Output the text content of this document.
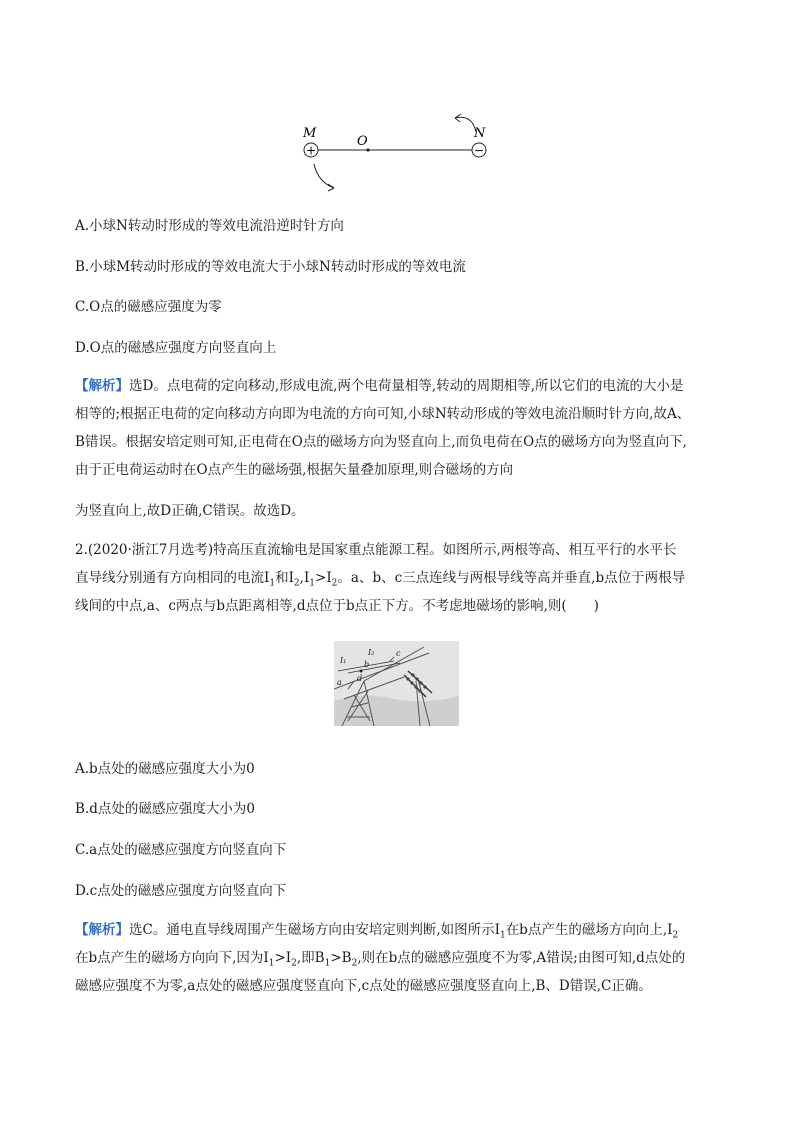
+	−
M
O
N
A.小球N转动时形成的等效电流沿逆时针方向
B.小球M转动时形成的等效电流大于小球N转动时形成的等效电流
C.O点的磁感应强度为零
D.O点的磁感应强度方向竖直向上
【解析】选D。点电荷的定向移动,形成电流,两个电荷量相等,转动的周期相等,所以它们的电流的大小是
相等的;根据正电荷的定向移动方向即为电流的方向可知,小球N转动形成的等效电流沿顺时针方向,故A、
B错误。根据安培定则可知,正电荷在O点的磁场方向为竖直向上,而负电荷在O点的磁场方向为竖直向下,
由于正电荷运动时在O点产生的磁场强,根据矢量叠加原理,则合磁场的方向
为竖直向上,故D正确,C错误。故选D。
2.(2020·浙江7月选考)特高压直流输电是国家重点能源工程。如图所示,两根等高、相互平行的水平长
直导线分别通有方向相同的电流$I_1$和$I_2,I_1>I_2$。a、b、c三点连线与两根导线等高并垂直,b点位于两根导
线间的中点,a、c两点与b点距离相等,d点位于b点正下方。不考虑地磁场的影响,则(　　)
I₁
I₂	c
b
a d
A.b点处的磁感应强度大小为0
B.d点处的磁感应强度大小为0
C.a点处的磁感应强度方向竖直向下
D.c点处的磁感应强度方向竖直向下
【解析】选C。通电直导线周围产生磁场方向由安培定则判断,如图所示$I_1$在b点产生的磁场方向向上$,I_2$
在b点产生的磁场方向向下,因为$I_1>I_2$,即$B_1>B_2$,则在b点的磁感应强度不为零,A错误;由图可知,d点处的
磁感应强度不为零,a点处的磁感应强度竖直向下,c点处的磁感应强度竖直向上,B、D错误,C正确。
